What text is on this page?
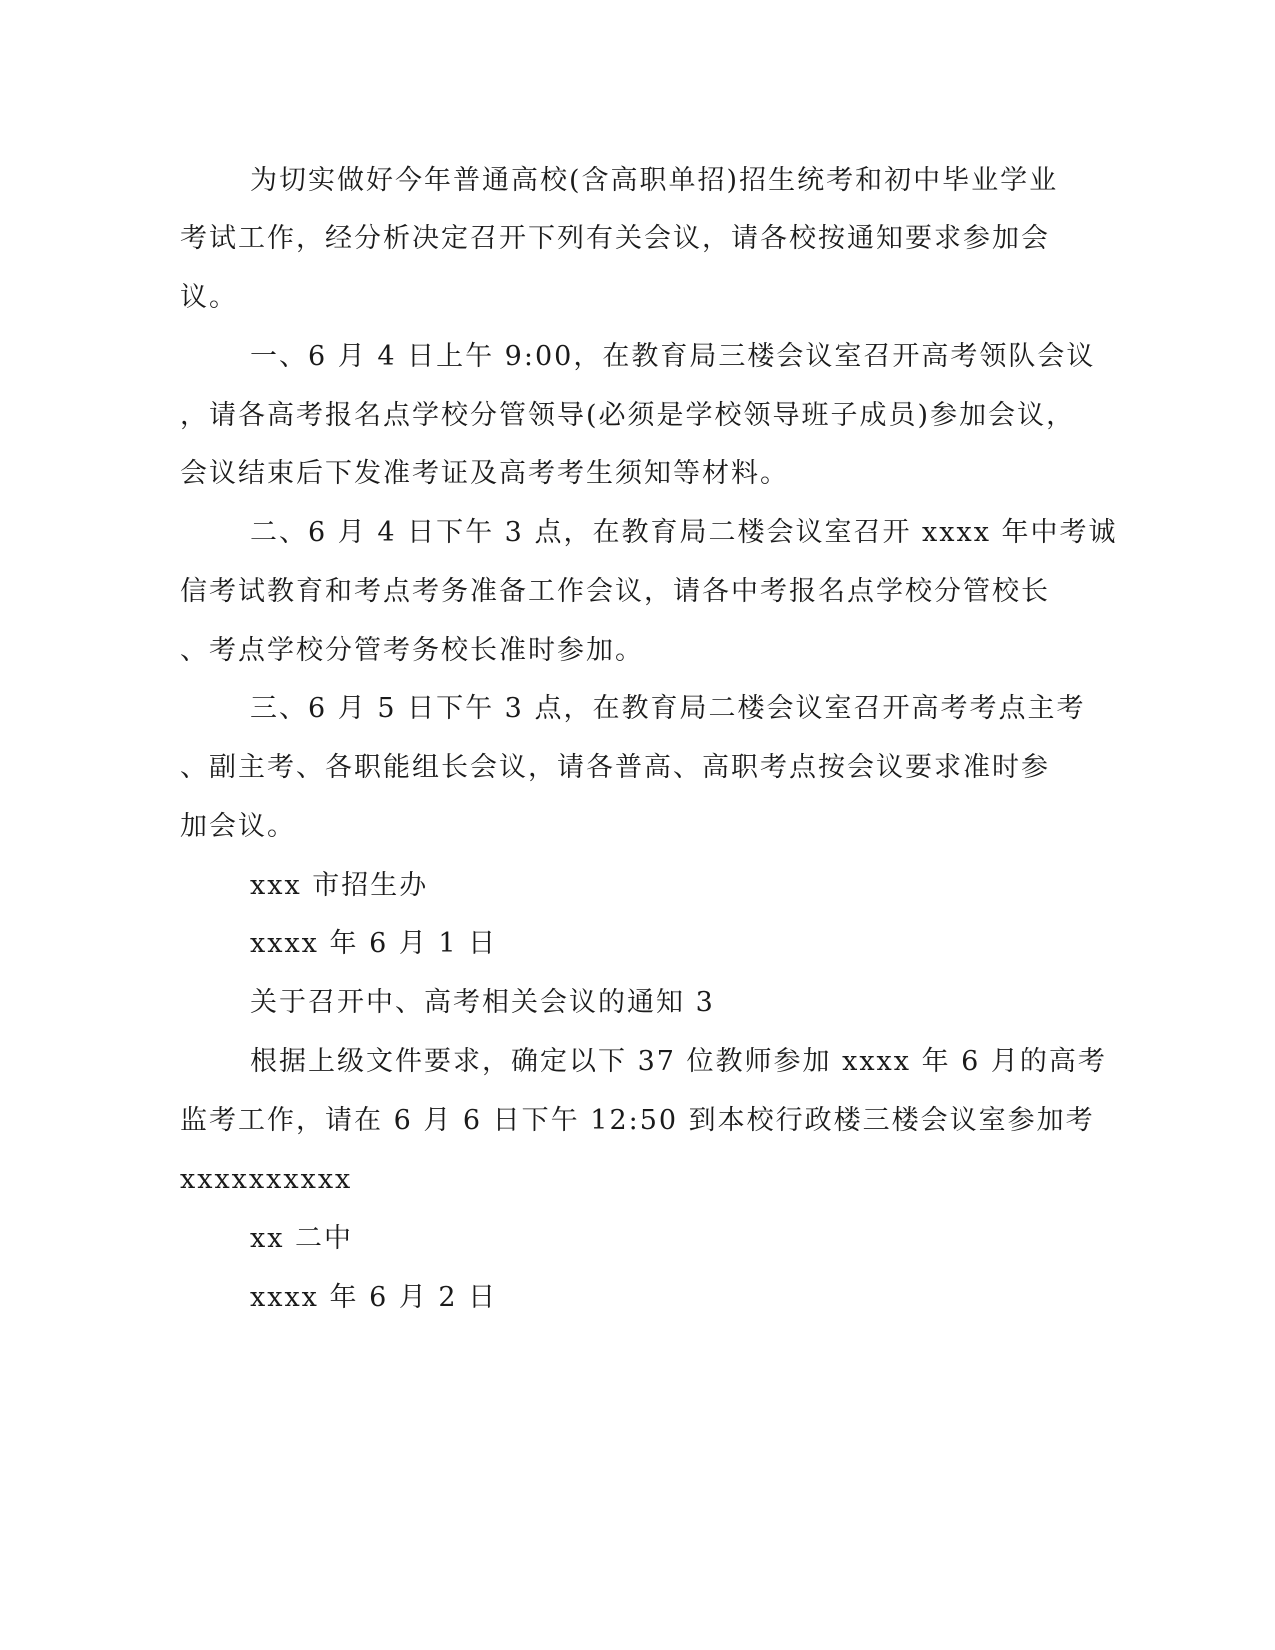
为切实做好今年普通高校(含高职单招)招生统考和初中毕业学业
考试工作，经分析决定召开下列有关会议，请各校按通知要求参加会
议。
一、6 月 4 日上午 9:00，在教育局三楼会议室召开高考领队会议
，请各高考报名点学校分管领导(必须是学校领导班子成员)参加会议，
会议结束后下发准考证及高考考生须知等材料。
二、6 月 4 日下午 3 点，在教育局二楼会议室召开 xxxx 年中考诚
信考试教育和考点考务准备工作会议，请各中考报名点学校分管校长
、考点学校分管考务校长准时参加。
三、6 月 5 日下午 3 点，在教育局二楼会议室召开高考考点主考
、副主考、各职能组长会议，请各普高、高职考点按会议要求准时参
加会议。
xxx 市招生办
xxxx 年 6 月 1 日
关于召开中、高考相关会议的通知 3
根据上级文件要求，确定以下 37 位教师参加 xxxx 年 6 月的高考
监考工作，请在 6 月 6 日下午 12:50 到本校行政楼三楼会议室参加考
xxxxxxxxxx
xx 二中
xxxx 年 6 月 2 日
